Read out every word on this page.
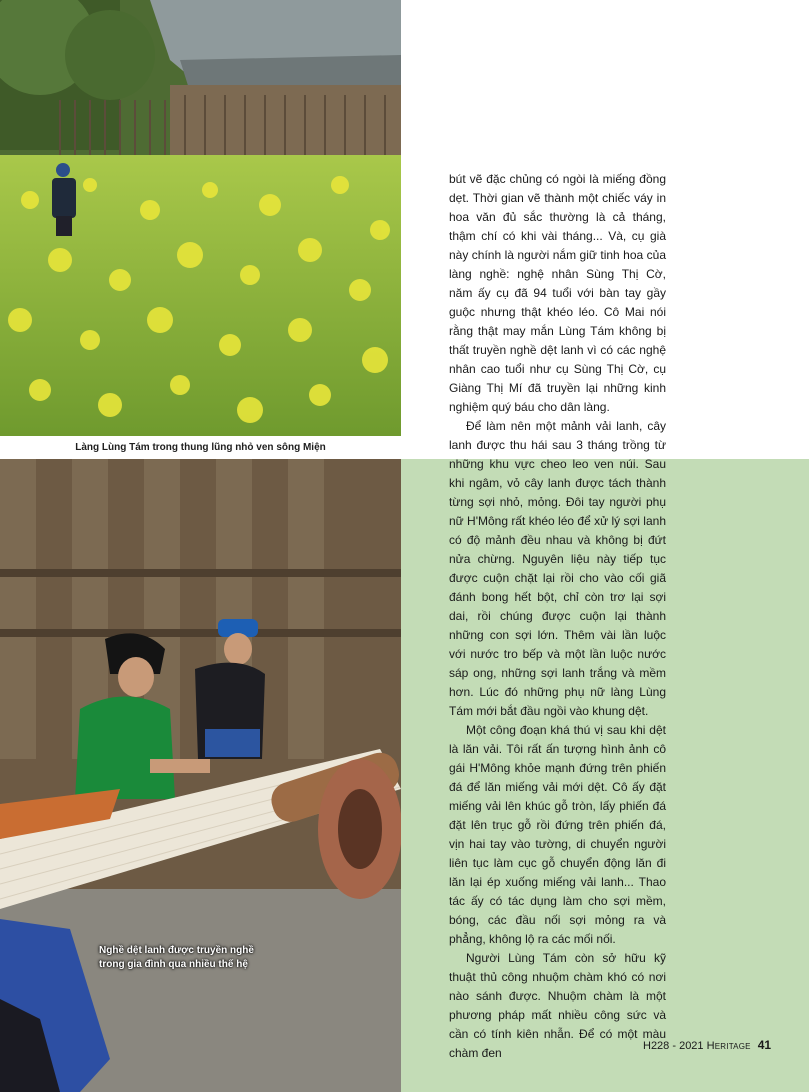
Làng Lùng Tám trong thung lũng nhỏ ven sông Miện
Nghề dệt lanh được truyền nghề
trong gia đình qua nhiều thế hệ

bút vẽ đặc chủng có ngòi là miếng đồng dẹt. Thời gian vẽ thành một chiếc váy in hoa văn đủ sắc thường là cả tháng, thậm chí có khi vài tháng... Và, cụ già này chính là người nắm giữ tinh hoa của làng nghề: nghệ nhân Sùng Thị Cờ, năm ấy cụ đã 94 tuổi với bàn tay gầy guộc nhưng thật khéo léo. Cô Mai nói rằng thật may mắn Lùng Tám không bị thất truyền nghề dệt lanh vì có các nghệ nhân cao tuổi như cụ Sùng Thị Cờ, cụ Giàng Thị Mí đã truyền lại những kinh nghiệm quý báu cho dân làng.

Để làm nên một mảnh vải lanh, cây lanh được thu hái sau 3 tháng trồng từ những khu vực cheo leo ven núi. Sau khi ngâm, vỏ cây lanh được tách thành từng sợi nhỏ, mỏng. Đôi tay người phụ nữ H'Mông rất khéo léo để xử lý sợi lanh có độ mảnh đều nhau và không bị đứt nửa chừng. Nguyên liệu này tiếp tục được cuộn chặt lại rồi cho vào cối giã đánh bong hết bột, chỉ còn trơ lại sợi dai, rồi chúng được cuộn lại thành những con sợi lớn. Thêm vài lần luộc với nước tro bếp và một lần luộc nước sáp ong, những sợi lanh trắng và mềm hơn. Lúc đó những phụ nữ làng Lùng Tám mới bắt đầu ngồi vào khung dệt.

Một công đoạn khá thú vị sau khi dệt là lăn vải. Tôi rất ấn tượng hình ảnh cô gái H'Mông khỏe mạnh đứng trên phiến đá để lăn miếng vải mới dệt. Cô ấy đặt miếng vải lên khúc gỗ tròn, lấy phiến đá đặt lên trục gỗ rồi đứng trên phiến đá, vịn hai tay vào tường, di chuyển người liên tục làm cục gỗ chuyển động lăn đi lăn lại ép xuống miếng vải lanh... Thao tác ấy có tác dụng làm cho sợi mềm, bóng, các đầu nối sợi mỏng ra và phẳng, không lộ ra các mối nối.

Người Lùng Tám còn sở hữu kỹ thuật thủ công nhuộm chàm khó có nơi nào sánh được. Nhuộm chàm là một phương pháp mất nhiều công sức và cần có tính kiên nhẫn. Để có một màu chàm đen	H228 - 2021 Heritage 41
